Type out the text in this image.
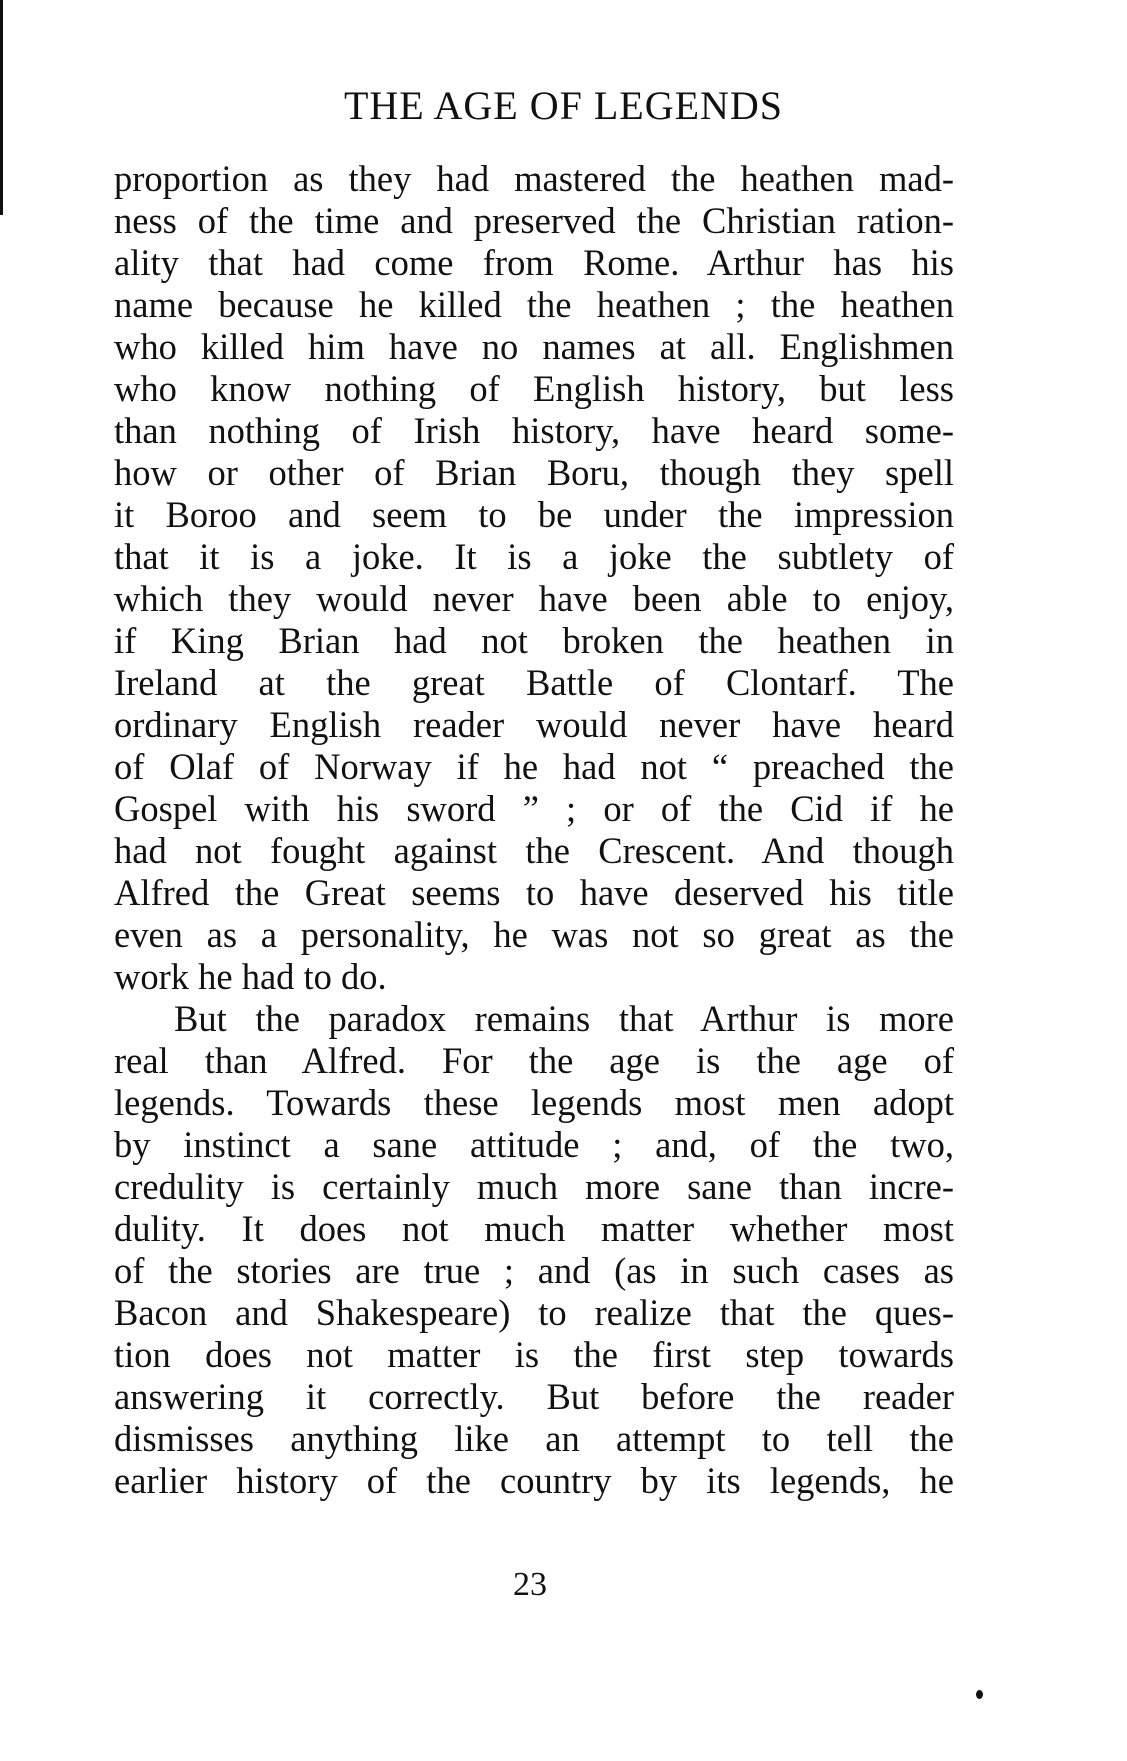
THE AGE OF LEGENDS
proportion as they had mastered the heathen mad-
ness of the time and preserved the Christian ration-
ality that had come from Rome. Arthur has his
name because he killed the heathen ; the heathen
who killed him have no names at all. Englishmen
who know nothing of English history, but less
than nothing of Irish history, have heard some-
how or other of Brian Boru, though they spell
it Boroo and seem to be under the impression
that it is a joke. It is a joke the subtlety of
which they would never have been able to enjoy,
if King Brian had not broken the heathen in
Ireland at the great Battle of Clontarf. The
ordinary English reader would never have heard
of Olaf of Norway if he had not “ preached the
Gospel with his sword ” ; or of the Cid if he
had not fought against the Crescent. And though
Alfred the Great seems to have deserved his title
even as a personality, he was not so great as the
work he had to do.
But the paradox remains that Arthur is more
real than Alfred. For the age is the age of
legends. Towards these legends most men adopt
by instinct a sane attitude ; and, of the two,
credulity is certainly much more sane than incre-
dulity. It does not much matter whether most
of the stories are true ; and (as in such cases as
Bacon and Shakespeare) to realize that the ques-
tion does not matter is the first step towards
answering it correctly. But before the reader
dismisses anything like an attempt to tell the
earlier history of the country by its legends, he
23
